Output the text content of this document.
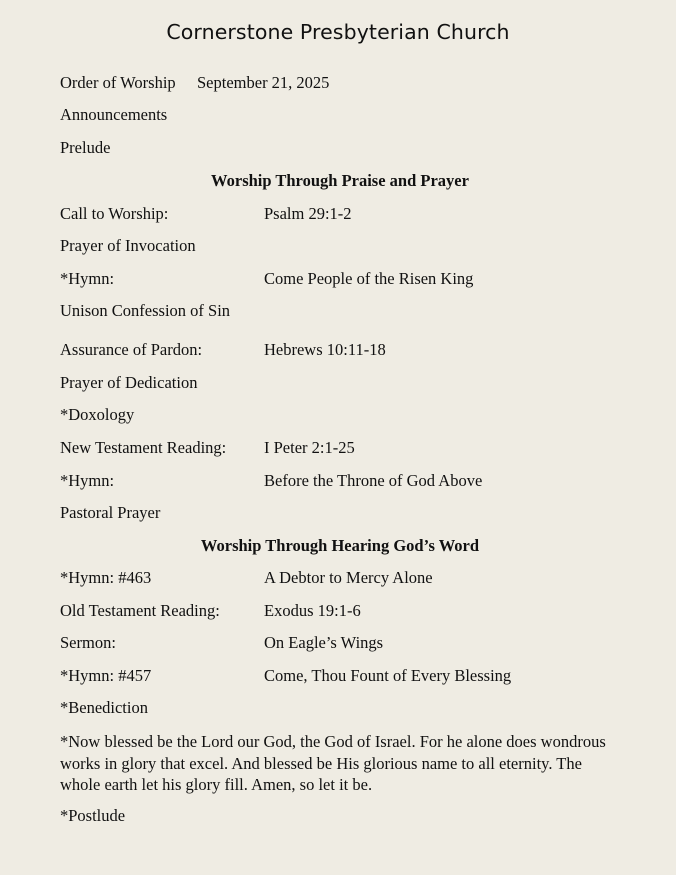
Cornerstone Presbyterian Church
Order of Worship September 21, 2025
Announcements
Prelude
Worship Through Praise and Prayer
Call to Worship:	Psalm 29:1-2
Prayer of Invocation
*Hymn:	Come People of the Risen King
Unison Confession of Sin
Assurance of Pardon:	Hebrews 10:11-18
Prayer of Dedication
*Doxology
New Testament Reading: I Peter 2:1-25
*Hymn:	Before the Throne of God Above
Pastoral Prayer
Worship Through Hearing God’s Word
*Hymn: #463	A Debtor to Mercy Alone
Old Testament Reading:	Exodus 19:1-6
Sermon:	On Eagle’s Wings
*Hymn: #457	Come, Thou Fount of Every Blessing
*Benediction
*Now blessed be the Lord our God, the God of Israel. For he alone does wondrous works in glory that excel. And blessed be His glorious name to all eternity. The whole earth let his glory fill. Amen, so let it be.
*Postlude
